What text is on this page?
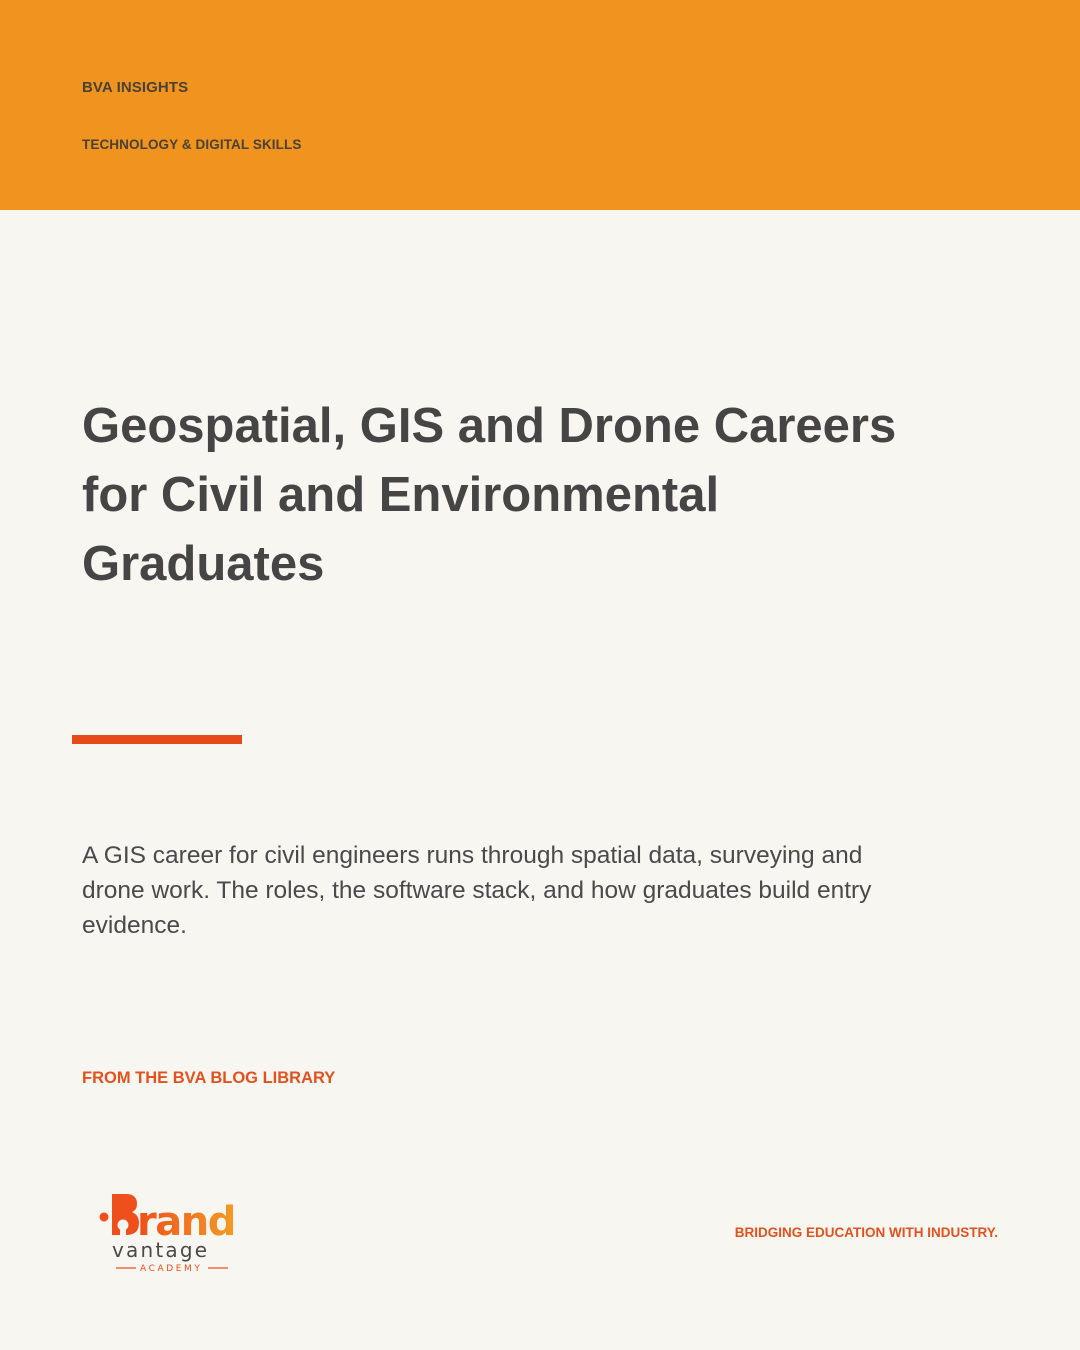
BVA INSIGHTS
TECHNOLOGY & DIGITAL SKILLS
Geospatial, GIS and Drone Careers
for Civil and Environmental
Graduates

A GIS career for civil engineers runs through spatial data, surveying and
drone work. The roles, the software stack, and how graduates build entry
evidence.

FROM THE BVA BLOG LIBRARY
rand
vantage
ACADEMY
BRIDGING EDUCATION WITH INDUSTRY.
